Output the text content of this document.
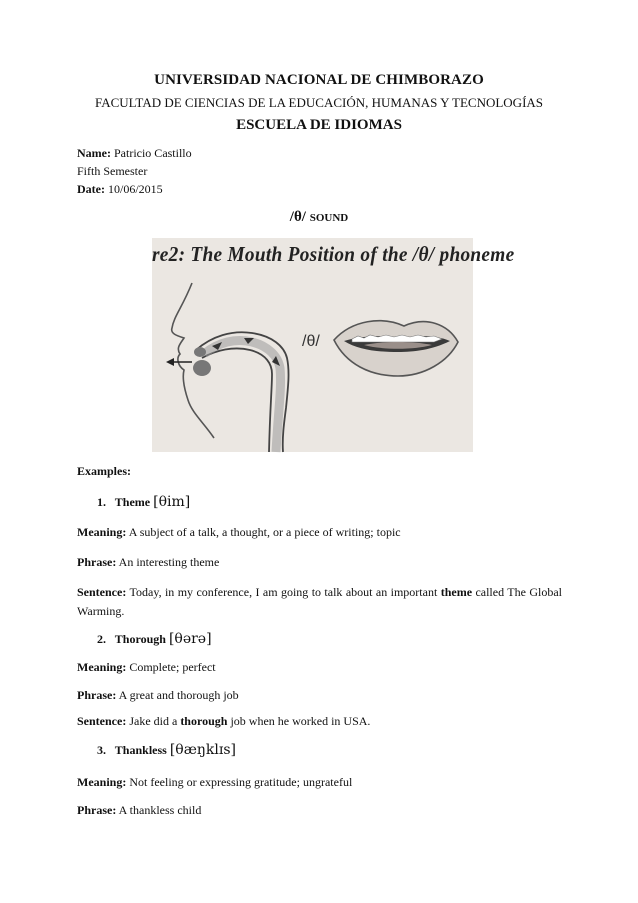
UNIVERSIDAD NACIONAL DE CHIMBORAZO
FACULTAD DE CIENCIAS DE LA EDUCACIÓN, HUMANAS Y TECNOLOGÍAS
ESCUELA DE IDIOMAS
Name: Patricio Castillo
Fifth Semester
Date: 10/06/2015
/θ/ SOUND
re2: The Mouth Position of the /θ/ phoneme
/θ/
Examples:
1. Theme [θim]
Meaning: A subject of a talk, a thought, or a piece of writing; topic
Phrase: An interesting theme
Sentence: Today, in my conference, I am going to talk about an important theme called The Global Warming.
2. Thorough [θərə]
Meaning: Complete; perfect
Phrase: A great and thorough job
Sentence: Jake did a thorough job when he worked in USA.
3. Thankless [θæŋklɪs]
Meaning: Not feeling or expressing gratitude; ungrateful
Phrase: A thankless child
